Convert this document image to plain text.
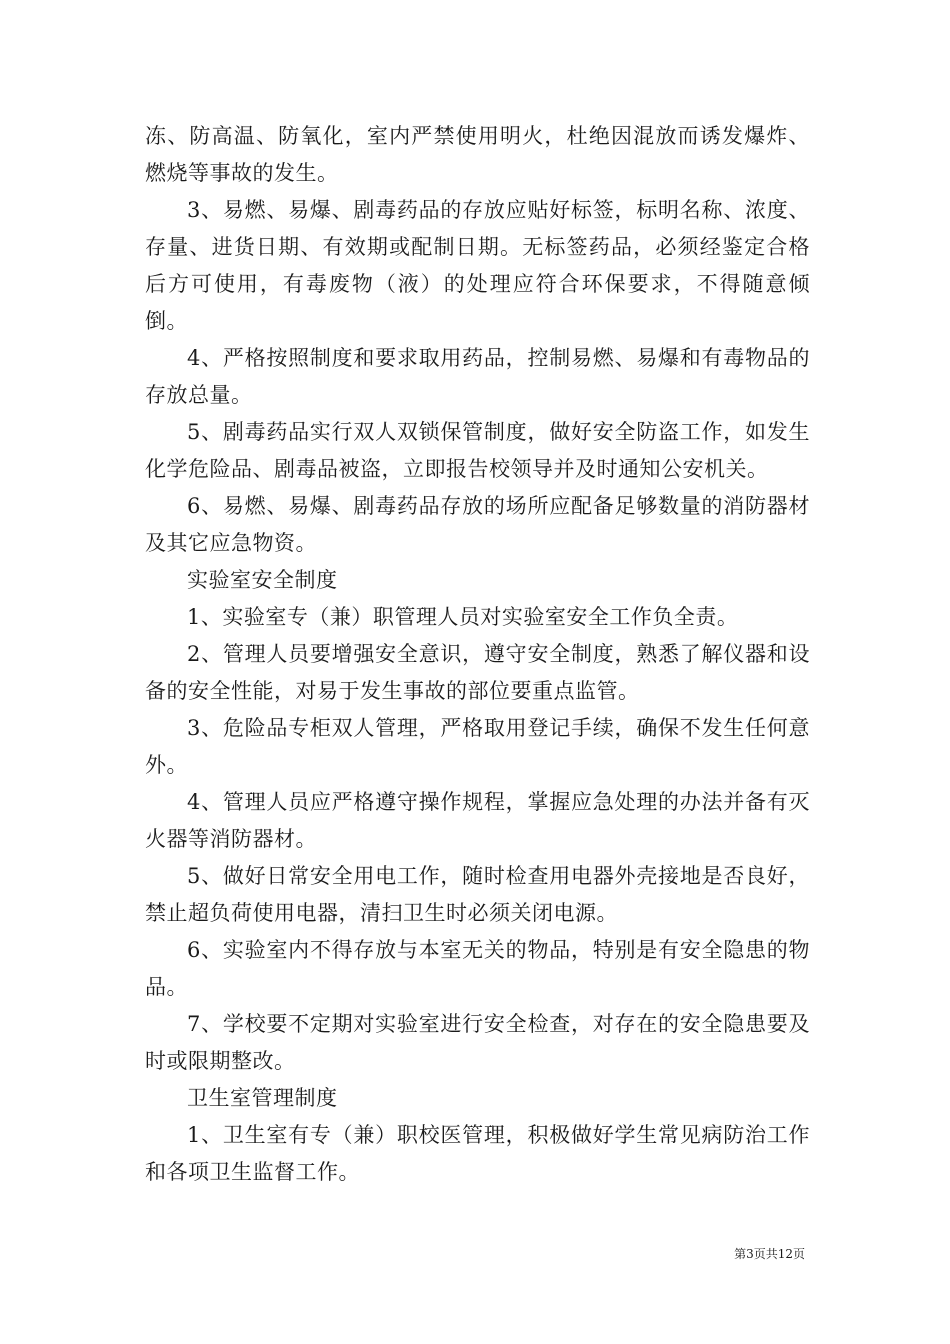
冻、防高温、防氧化，室内严禁使用明火，杜绝因混放而诱发爆炸、燃烧等事故的发生。

3、易燃、易爆、剧毒药品的存放应贴好标签，标明名称、浓度、存量、进货日期、有效期或配制日期。无标签药品，必须经鉴定合格后方可使用，有毒废物（液）的处理应符合环保要求，不得随意倾倒。

4、严格按照制度和要求取用药品，控制易燃、易爆和有毒物品的存放总量。

5、剧毒药品实行双人双锁保管制度，做好安全防盗工作，如发生化学危险品、剧毒品被盗，立即报告校领导并及时通知公安机关。

6、易燃、易爆、剧毒药品存放的场所应配备足够数量的消防器材及其它应急物资。

实验室安全制度

1、实验室专（兼）职管理人员对实验室安全工作负全责。

2、管理人员要增强安全意识，遵守安全制度，熟悉了解仪器和设备的安全性能，对易于发生事故的部位要重点监管。

3、危险品专柜双人管理，严格取用登记手续，确保不发生任何意外。

4、管理人员应严格遵守操作规程，掌握应急处理的办法并备有灭火器等消防器材。

5、做好日常安全用电工作，随时检查用电器外壳接地是否良好，禁止超负荷使用电器，清扫卫生时必须关闭电源。

6、实验室内不得存放与本室无关的物品，特别是有安全隐患的物品。

7、学校要不定期对实验室进行安全检查，对存在的安全隐患要及时或限期整改。

卫生室管理制度

1、卫生室有专（兼）职校医管理，积极做好学生常见病防治工作和各项卫生监督工作。

第3页共12页
